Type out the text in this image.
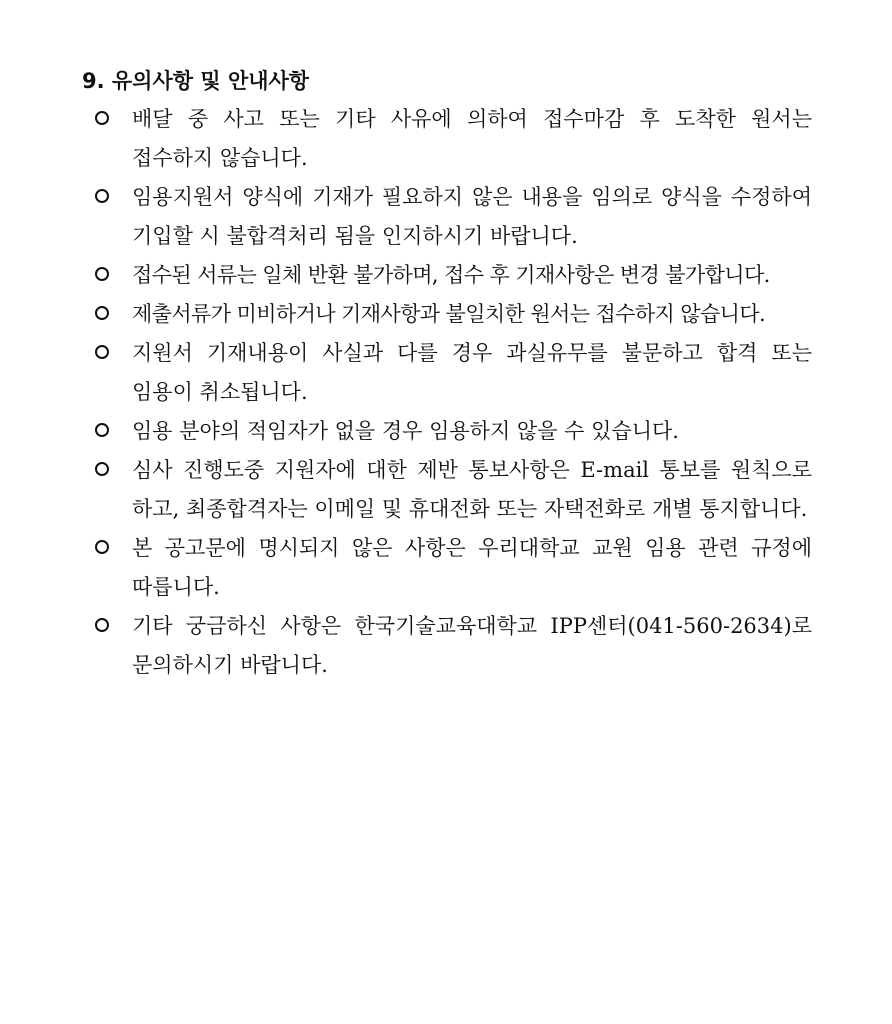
9. 유의사항 및 안내사항
배달 중 사고 또는 기타 사유에 의하여 접수마감 후 도착한 원서는 접수하지 않습니다.
임용지원서 양식에 기재가 필요하지 않은 내용을 임의로 양식을 수정하여 기입할 시 불합격처리 됨을 인지하시기 바랍니다.
접수된 서류는 일체 반환 불가하며, 접수 후 기재사항은 변경 불가합니다.
제출서류가 미비하거나 기재사항과 불일치한 원서는 접수하지 않습니다.
지원서 기재내용이 사실과 다를 경우 과실유무를 불문하고 합격 또는 임용이 취소됩니다.
임용 분야의 적임자가 없을 경우 임용하지 않을 수 있습니다.
심사 진행도중 지원자에 대한 제반 통보사항은 E-mail 통보를 원칙으로 하고, 최종합격자는 이메일 및 휴대전화 또는 자택전화로 개별 통지합니다.
본 공고문에 명시되지 않은 사항은 우리대학교 교원 임용 관련 규정에 따릅니다.
기타 궁금하신 사항은 한국기술교육대학교 IPP센터(041-560-2634)로 문의하시기 바랍니다.
